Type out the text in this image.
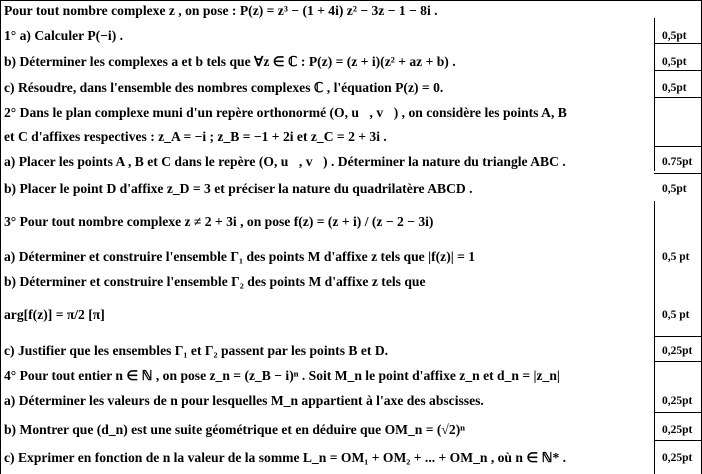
Pour tout nombre complexe z , on pose : P(z) = z³ − (1 + 4i) z² − 3z − 1 − 8i .
1° a) Calculer P(−i) .	0,5pt
b) Déterminer les complexes a et b tels que ∀z ∈ ℂ : P(z) = (z + i)(z² + az + b) .	0,5pt
c) Résoudre, dans l'ensemble des nombres complexes ℂ , l'équation P(z) = 0.	0,5pt
2° Dans le plan complexe muni d'un repère orthonormé (O, u⃗, v⃗) , on considère les points A, B
et C d'affixes respectives : z_A = −i ; z_B = −1 + 2i et z_C = 2 + 3i .
a) Placer les points A , B et C dans le repère (O, u⃗, v⃗) . Déterminer la nature du triangle ABC .	0.75pt
b) Placer le point D d'affixe z_D = 3 et préciser la nature du quadrilatère ABCD .	0,5pt
3° Pour tout nombre complexe z ≠ 2 + 3i , on pose f(z) = (z + i) / (z − 2 − 3i)
a) Déterminer et construire l'ensemble Γ₁ des points M d'affixe z tels que |f(z)| = 1	0,5 pt
b) Déterminer et construire l'ensemble Γ₂ des points M d'affixe z tels que
arg[f(z)] = π/2 [π]	0,5 pt
c) Justifier que les ensembles Γ₁ et Γ₂ passent par les points B et D.	0,25pt
4° Pour tout entier n ∈ ℕ , on pose z_n = (z_B − i)ⁿ . Soit M_n le point d'affixe z_n et d_n = |z_n|
a) Déterminer les valeurs de n pour lesquelles M_n appartient à l'axe des abscisses.	0,25pt
b) Montrer que (d_n) est une suite géométrique et en déduire que OM_n = (√2)ⁿ	0,25pt
c) Exprimer en fonction de n la valeur de la somme L_n = OM₁ + OM₂ + ... + OM_n , où n ∈ ℕ* .	0,25pt
